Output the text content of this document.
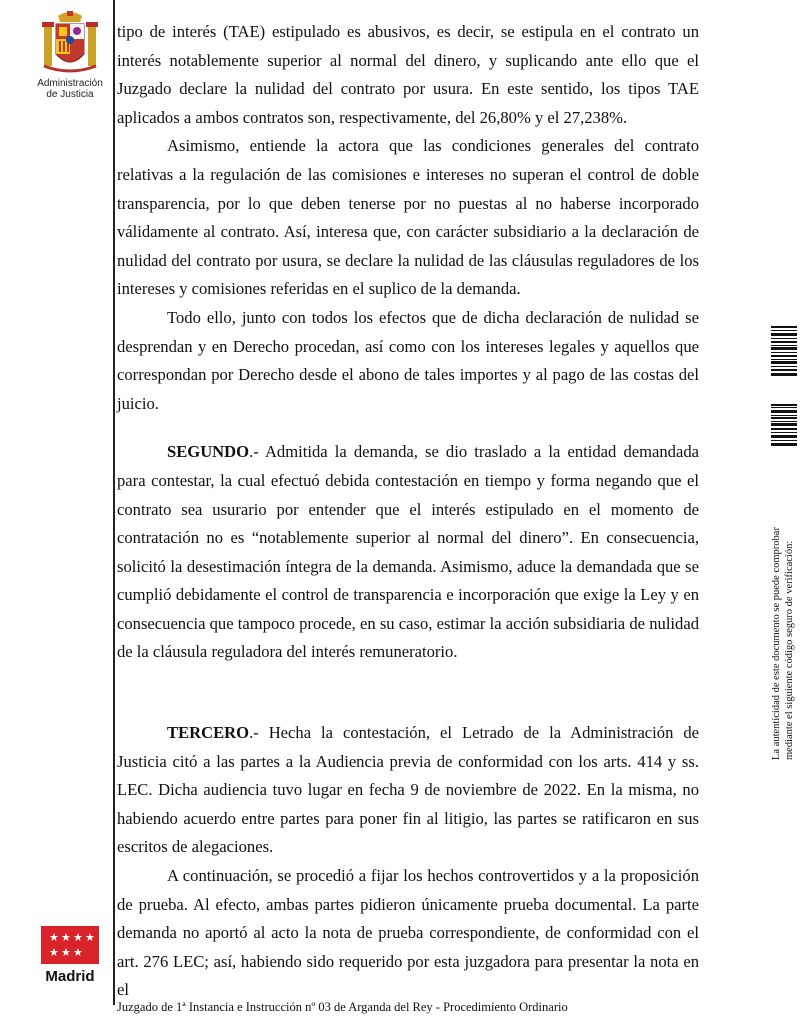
Administración
de Justicia
★ ★ ★ ★
★ ★ ★
Madrid

tipo de interés (TAE) estipulado es abusivos, es decir, se estipula en el contrato un interés notablemente superior al normal del dinero, y suplicando ante ello que el Juzgado declare la nulidad del contrato por usura. En este sentido, los tipos TAE aplicados a ambos contratos son, respectivamente, del 26,80% y el 27,238%.

Asimismo, entiende la actora que las condiciones generales del contrato relativas a la regulación de las comisiones e intereses no superan el control de doble transparencia, por lo que deben tenerse por no puestas al no haberse incorporado válidamente al contrato. Así, interesa que, con carácter subsidiario a la declaración de nulidad del contrato por usura, se declare la nulidad de las cláusulas reguladores de los intereses y comisiones referidas en el suplico de la demanda.

Todo ello, junto con todos los efectos que de dicha declaración de nulidad se desprendan y en Derecho procedan, así como con los intereses legales y aquellos que correspondan por Derecho desde el abono de tales importes y al pago de las costas del juicio.

SEGUNDO.- Admitida la demanda, se dio traslado a la entidad demandada para contestar, la cual efectuó debida contestación en tiempo y forma negando que el contrato sea usurario por entender que el interés estipulado en el momento de contratación no es “notablemente superior al normal del dinero”. En consecuencia, solicitó la desestimación íntegra de la demanda. Asimismo, aduce la demandada que se cumplió debidamente el control de transparencia e incorporación que exige la Ley y en consecuencia que tampoco procede, en su caso, estimar la acción subsidiaria de nulidad de la cláusula reguladora del interés remuneratorio.

TERCERO.- Hecha la contestación, el Letrado de la Administración de Justicia citó a las partes a la Audiencia previa de conformidad con los arts. 414 y ss. LEC. Dicha audiencia tuvo lugar en fecha 9 de noviembre de 2022. En la misma, no habiendo acuerdo entre partes para poner fin al litigio, las partes se ratificaron en sus escritos de alegaciones.

A continuación, se procedió a fijar los hechos controvertidos y a la proposición de prueba. Al efecto, ambas partes pidieron únicamente prueba documental. La parte demanda no aportó al acto la nota de prueba correspondiente, de conformidad con el art. 276 LEC; así, habiendo sido requerido por esta juzgadora para presentar la nota en el

Juzgado de 1ª Instancia e Instrucción nº 03 de Arganda del Rey - Procedimiento Ordinario
La autenticidad de este documento se puede comprobar mediante el siguiente código seguro de verificación:
